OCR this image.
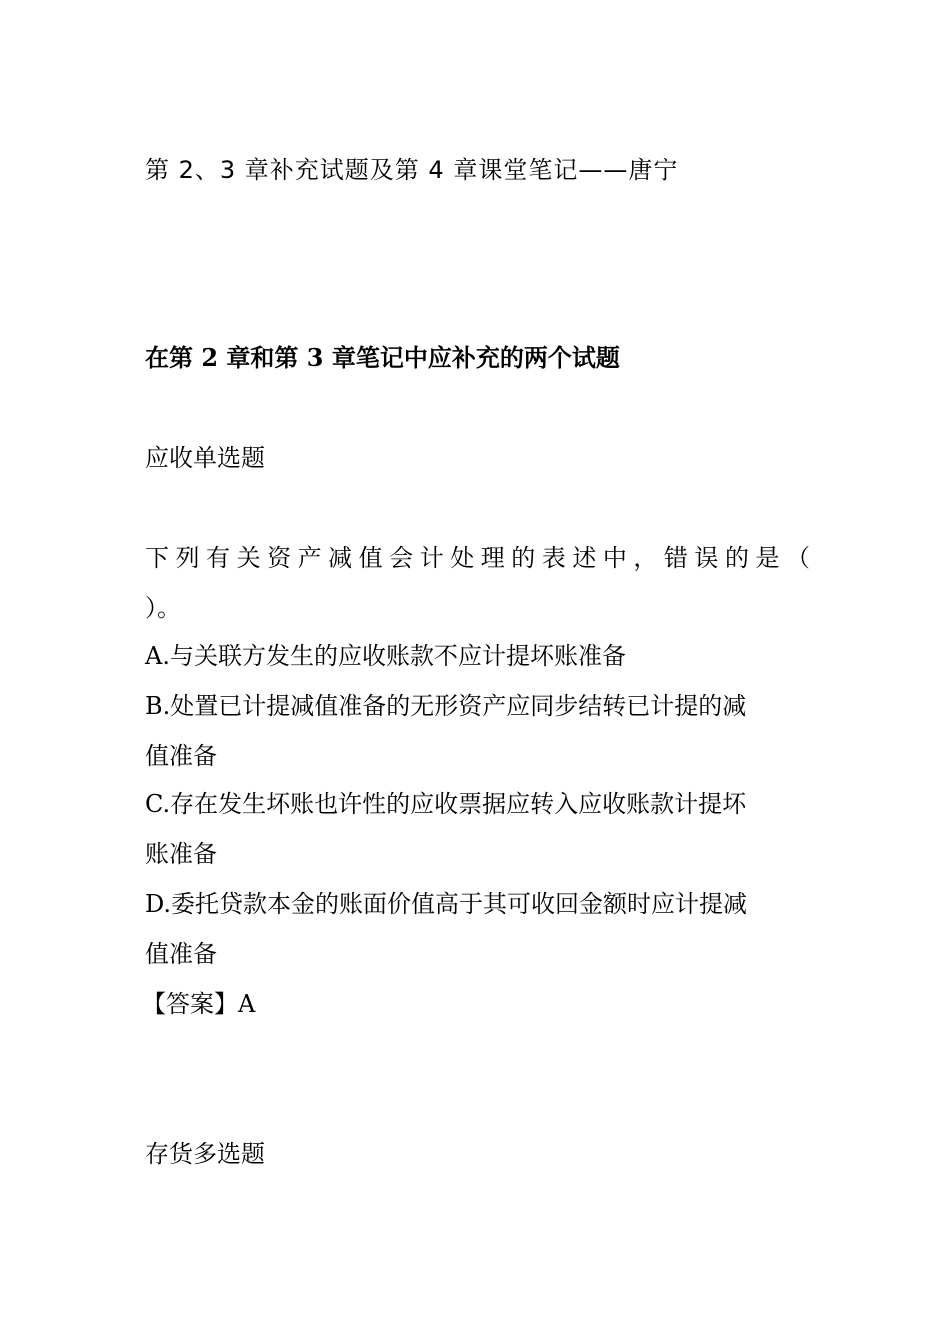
第 2、3 章补充试题及第 4 章课堂笔记——唐宁

在第 2 章和第 3 章笔记中应补充的两个试题

应收单选题

下列有关资产减值会计处理的表述中，错误的是（

）。

A.与关联方发生的应收账款不应计提坏账准备

B.处置已计提减值准备的无形资产应同步结转已计提的减

值准备

C.存在发生坏账也许性的应收票据应转入应收账款计提坏

账准备

D.委托贷款本金的账面价值高于其可收回金额时应计提减

值准备

【答案】A

存货多选题
